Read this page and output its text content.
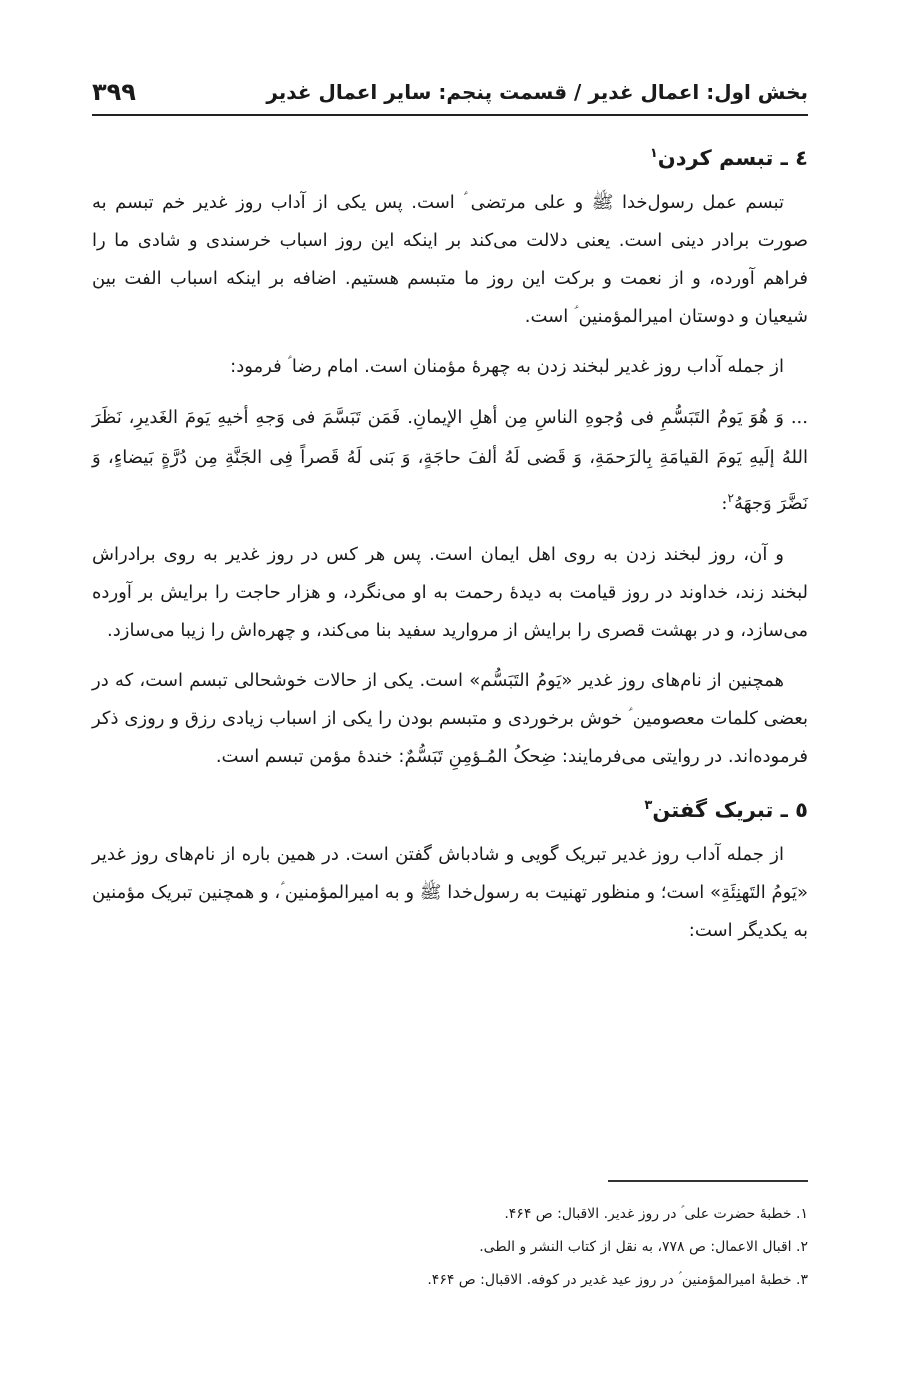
بخش اول: اعمال غدیر / قسمت پنجم: سایر اعمال غدیر
۳۹۹
٤ ـ تبسم کردن$^١$

تبسم عمل رسول‌خدا ﷺ و علی مرتضی ؑ است. پس یکی از آداب روز غدیر خم تبسم به صورت برادر دینی است. یعنی دلالت می‌کند بر اینکه این روز اسباب خرسندی و شادی ما را فراهم آورده، و از نعمت و برکت این روز ما متبسم هستیم. اضافه بر اینکه اسباب الفت بین شیعیان و دوستان امیرالمؤمنین ؑ است.

از جمله آداب روز غدیر لبخند زدن به چهرهٔ مؤمنان است. امام رضا ؑ فرمود:

... وَ هُوَ یَومُ التَبَسُّمِ فی وُجوهِ الناسِ مِن أهلِ الإیمانِ. فَمَن تَبَسَّمَ فی وَجهِ أخیهِ یَومَ الغَدیرِ، نَظَرَ اللهُ إلَیهِ یَومَ القیامَةِ بِالرَحمَةِ، وَ قَضی لَهُ ألفَ حاجَةٍ، وَ بَنی لَهُ قَصراً فِی الجَنَّةِ مِن دُرَّةٍ بَیضاءٍ، وَ نَضَّرَ وَجهَهُ$^٢$:

و آن، روز لبخند زدن به روی اهل ایمان است. پس هر کس در روز غدیر به روی برادراش لبخند زند، خداوند در روز قیامت به دیدهٔ رحمت به او می‌نگرد، و هزار حاجت را برایش بر آورده می‌سازد، و در بهشت قصری را برایش از مروارید سفید بنا می‌کند، و چهره‌اش را زیبا می‌سازد.

همچنین از نام‌های روز غدیر «یَومُ التَبَسُّم» است. یکی از حالات خوشحالی تبسم است، که در بعضی کلمات معصومین ؑ خوش برخوردی و متبسم بودن را یکی از اسباب زیادی رزق و روزی ذکر فرموده‌اند. در روایتی می‌فرمایند: ضِحکُ المُـؤمِنِ تَبَسُّمٌ: خندهٔ مؤمن تبسم است.

٥ ـ تبریک گفتن$^٣$

از جمله آداب روز غدیر تبریک گویی و شادباش گفتن است. در همین باره از نام‌های روز غدیر «یَومُ التَهنِئَةِ» است؛ و منظور تهنیت به رسول‌خدا ﷺ و به امیرالمؤمنین ؑ، و همچنین تبریک مؤمنین به یکدیگر است:

١. خطبهٔ حضرت علی ؑ در روز غدیر. الاقبال: ص ۴۶۴.
٢. اقبال الاعمال: ص ۷۷۸، به نقل از کتاب النشر و الطی.
٣. خطبهٔ امیرالمؤمنین ؑ در روز عید غدیر در کوفه. الاقبال: ص ۴۶۴.
